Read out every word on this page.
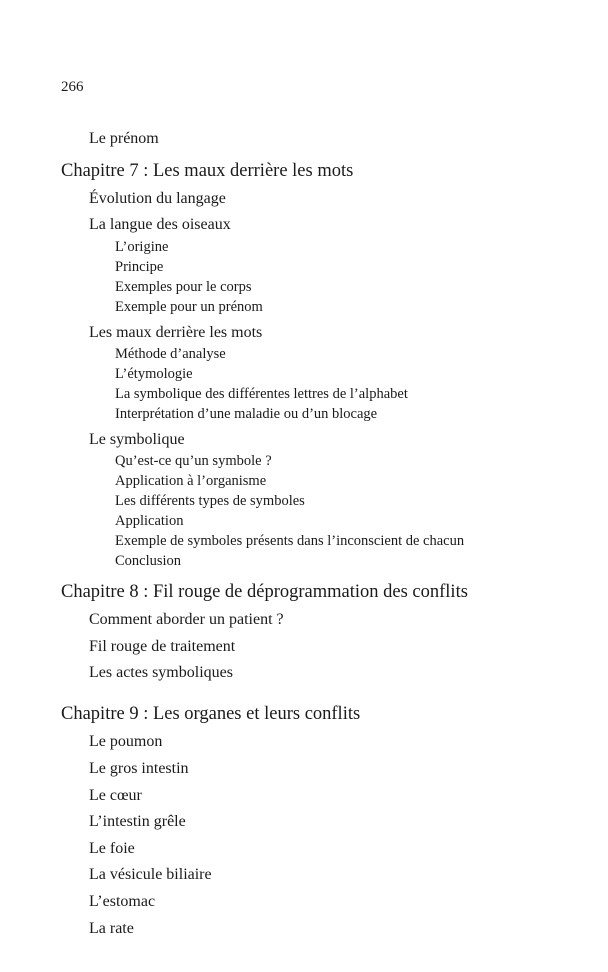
266
Le prénom
Chapitre 7 : Les maux derrière les mots
Évolution du langage
La langue des oiseaux
L’origine
Principe
Exemples pour le corps
Exemple pour un prénom
Les maux derrière les mots
Méthode d’analyse
L’étymologie
La symbolique des différentes lettres de l’alphabet
Interprétation d’une maladie ou d’un blocage
Le symbolique
Qu’est-ce qu’un symbole ?
Application à l’organisme
Les différents types de symboles
Application
Exemple de symboles présents dans l’inconscient de chacun
Conclusion
Chapitre 8 : Fil rouge de déprogrammation des conflits
Comment aborder un patient ?
Fil rouge de traitement
Les actes symboliques
Chapitre 9 : Les organes et leurs conflits
Le poumon
Le gros intestin
Le cœur
L’intestin grêle
Le foie
La vésicule biliaire
L’estomac
La rate
